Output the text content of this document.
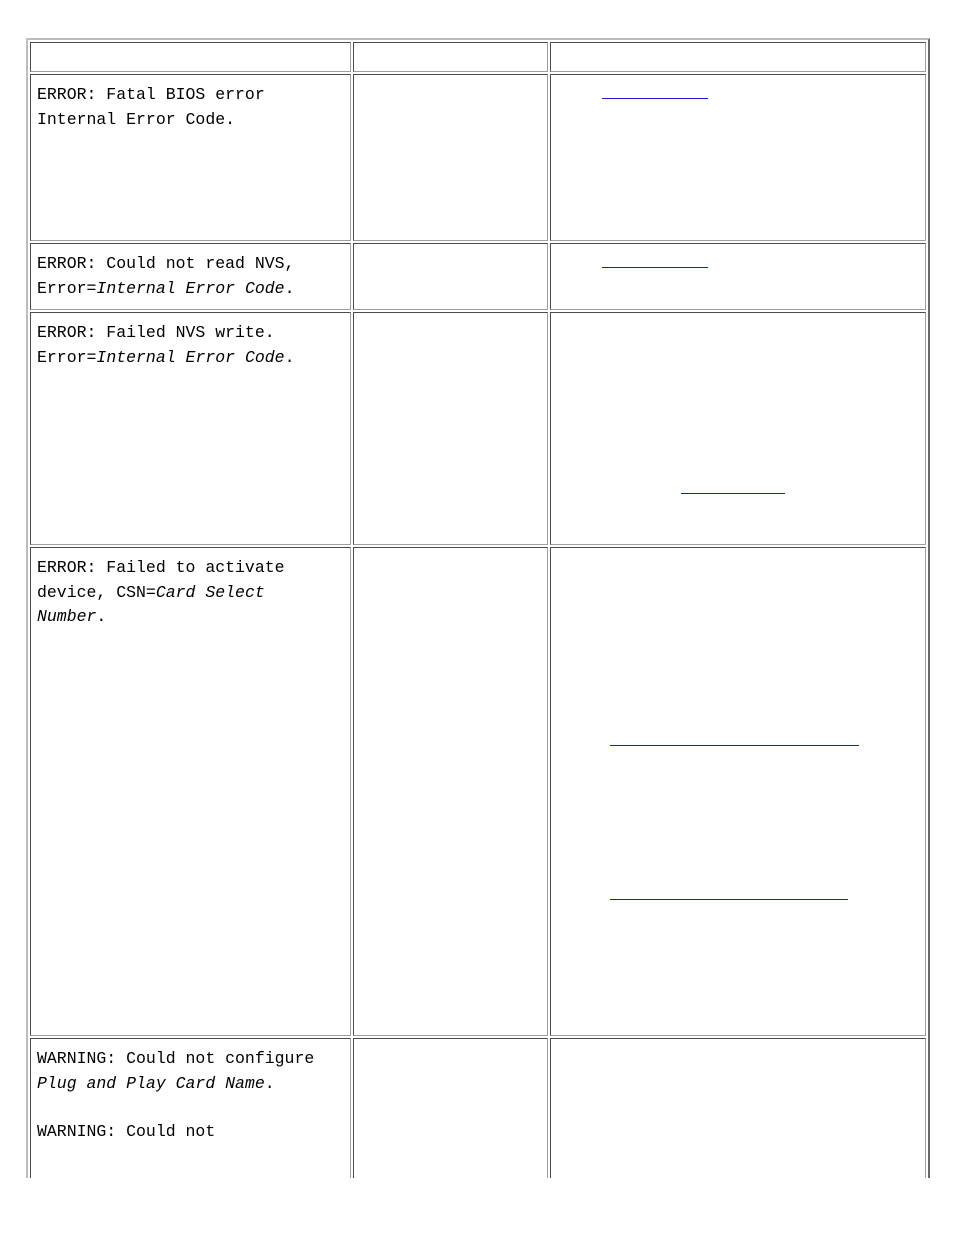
ERROR: Fatal BIOS error Internal Error Code.		

ERROR: Could not read NVS, Error=Internal Error Code.		

ERROR: Failed NVS write. Error=Internal Error Code.		

ERROR: Failed to activate device, CSN=Card Select Number.		

WARNING: Could not configure Plug and Play Card Name.
WARNING: Could not		
